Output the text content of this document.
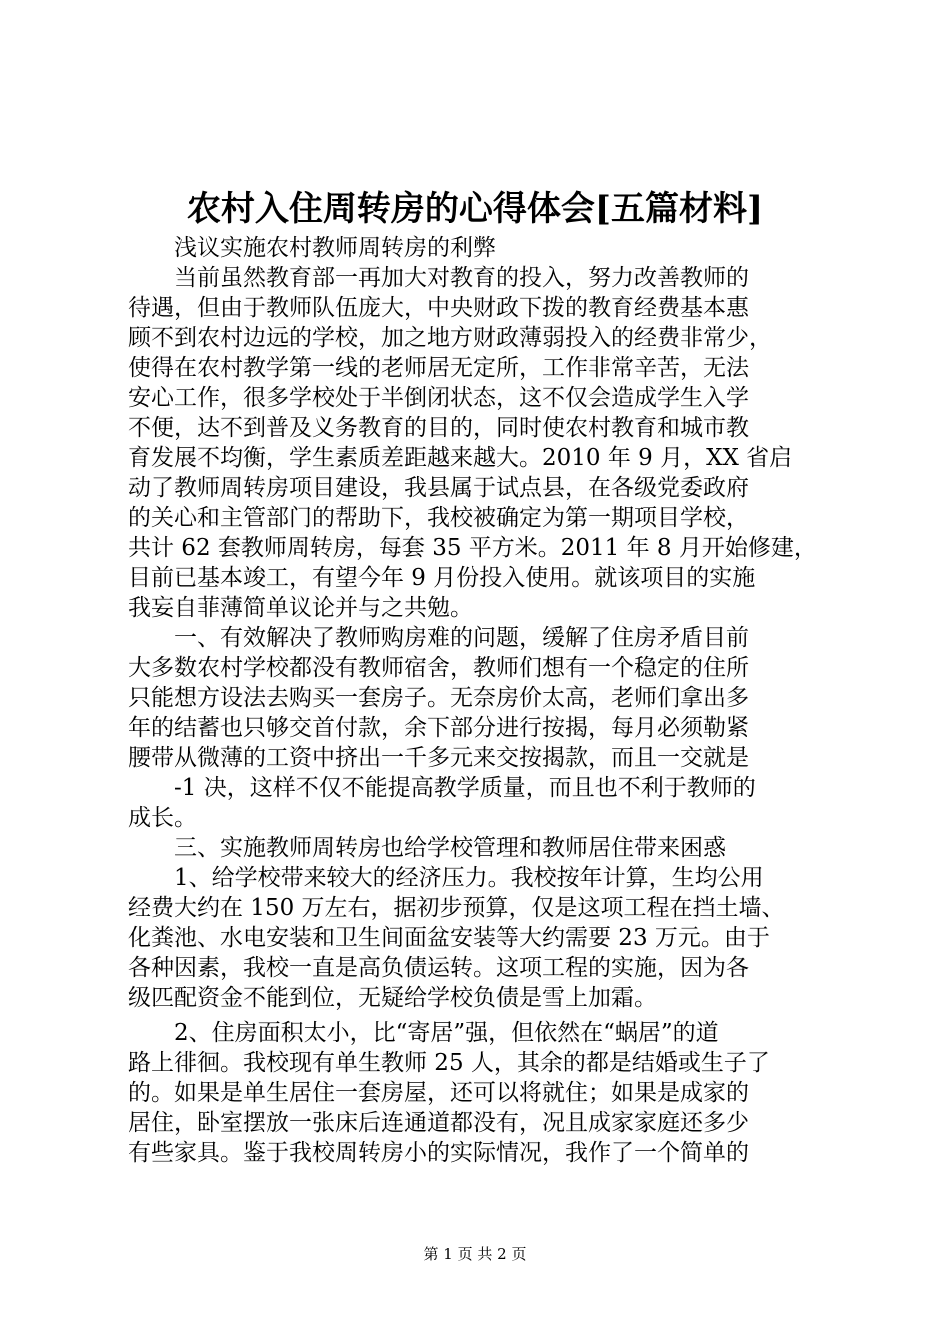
农村入住周转房的心得体会[五篇材料]
浅议实施农村教师周转房的利弊
当前虽然教育部一再加大对教育的投入，努力改善教师的
待遇，但由于教师队伍庞大，中央财政下拨的教育经费基本惠
顾不到农村边远的学校，加之地方财政薄弱投入的经费非常少，
使得在农村教学第一线的老师居无定所，工作非常辛苦，无法
安心工作，很多学校处于半倒闭状态，这不仅会造成学生入学
不便，达不到普及义务教育的目的，同时使农村教育和城市教
育发展不均衡，学生素质差距越来越大。2010 年 9 月，XX 省启
动了教师周转房项目建设，我县属于试点县，在各级党委政府
的关心和主管部门的帮助下，我校被确定为第一期项目学校，
共计 62 套教师周转房，每套 35 平方米。2011 年 8 月开始修建，
目前已基本竣工，有望今年 9 月份投入使用。就该项目的实施
我妄自菲薄简单议论并与之共勉。
一、有效解决了教师购房难的问题，缓解了住房矛盾目前
大多数农村学校都没有教师宿舍，教师们想有一个稳定的住所
只能想方设法去购买一套房子。无奈房价太高，老师们拿出多
年的结蓄也只够交首付款，余下部分进行按揭，每月必须勒紧
腰带从微薄的工资中挤出一千多元来交按揭款，而且一交就是
-1 决，这样不仅不能提高教学质量，而且也不利于教师的
成长。
三、实施教师周转房也给学校管理和教师居住带来困惑
1、给学校带来较大的经济压力。我校按年计算，生均公用
经费大约在 150 万左右，据初步预算，仅是这项工程在挡土墙、
化粪池、水电安装和卫生间面盆安装等大约需要 23 万元。由于
各种因素，我校一直是高负债运转。这项工程的实施，因为各
级匹配资金不能到位，无疑给学校负债是雪上加霜。
2、住房面积太小，比“寄居”强，但依然在“蜗居”的道
路上徘徊。我校现有单生教师 25 人，其余的都是结婚或生子了
的。如果是单生居住一套房屋，还可以将就住；如果是成家的
居住，卧室摆放一张床后连通道都没有，况且成家家庭还多少
有些家具。鉴于我校周转房小的实际情况，我作了一个简单的
第 1 页 共 2 页
